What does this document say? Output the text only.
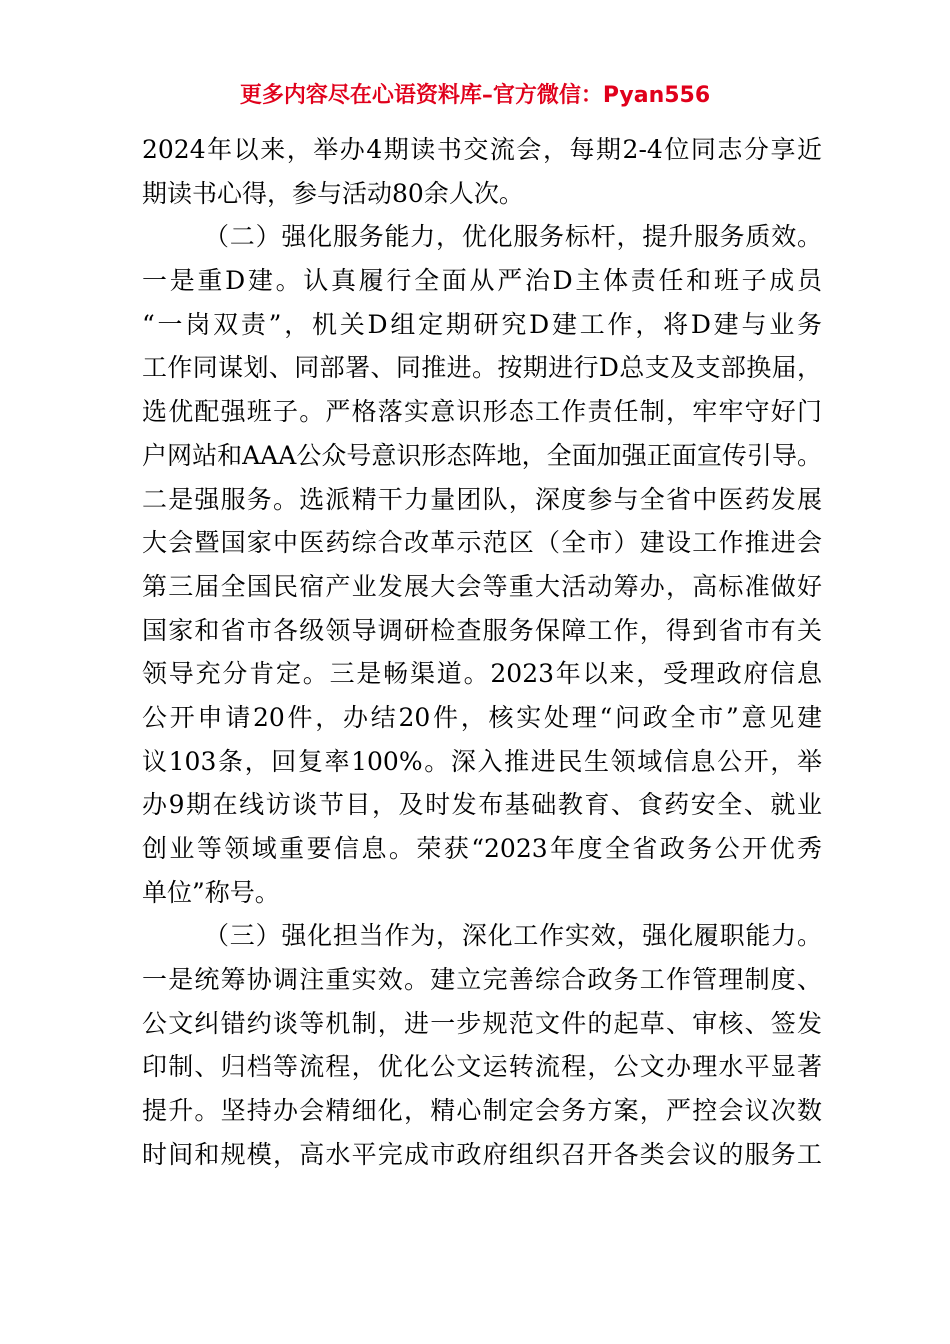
更多内容尽在心语资料库–官方微信：Pyan556
2024年以来，举办4期读书交流会，每期2-4位同志分享近
期读书心得，参与活动80余人次。
（二）强化服务能力，优化服务标杆，提升服务质效。
一是重D建。认真履行全面从严治D主体责任和班子成员
“一岗双责”，机关D组定期研究D建工作，将D建与业务
工作同谋划、同部署、同推进。按期进行D总支及支部换届，
选优配强班子。严格落实意识形态工作责任制，牢牢守好门
户网站和AAA公众号意识形态阵地，全面加强正面宣传引导。
二是强服务。选派精干力量团队，深度参与全省中医药发展
大会暨国家中医药综合改革示范区（全市）建设工作推进会
第三届全国民宿产业发展大会等重大活动筹办，高标准做好
国家和省市各级领导调研检查服务保障工作，得到省市有关
领导充分肯定。三是畅渠道。2023年以来，受理政府信息
公开申请20件，办结20件，核实处理“问政全市”意见建
议103条，回复率100%。深入推进民生领域信息公开，举
办9期在线访谈节目，及时发布基础教育、食药安全、就业
创业等领域重要信息。荣获“2023年度全省政务公开优秀
单位”称号。
（三）强化担当作为，深化工作实效，强化履职能力。
一是统筹协调注重实效。建立完善综合政务工作管理制度、
公文纠错约谈等机制，进一步规范文件的起草、审核、签发
印制、归档等流程，优化公文运转流程，公文办理水平显著
提升。坚持办会精细化，精心制定会务方案，严控会议次数
时间和规模，高水平完成市政府组织召开各类会议的服务工
